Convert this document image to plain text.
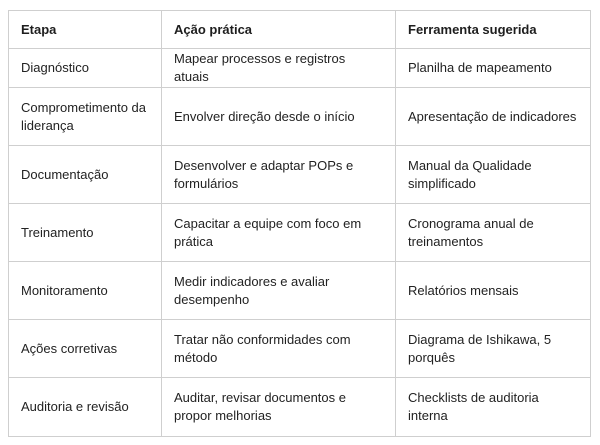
Etapa	Ação prática	Ferramenta sugerida
Diagnóstico	Mapear processos e registros atuais	Planilha de mapeamento
Comprometimento da liderança	Envolver direção desde o início	Apresentação de indicadores
Documentação	Desenvolver e adaptar POPs e formulários	Manual da Qualidade simplificado
Treinamento	Capacitar a equipe com foco em prática	Cronograma anual de treinamentos
Monitoramento	Medir indicadores e avaliar desempenho	Relatórios mensais
Ações corretivas	Tratar não conformidades com método	Diagrama de Ishikawa, 5 porquês
Auditoria e revisão	Auditar, revisar documentos e propor melhorias	Checklists de auditoria interna
